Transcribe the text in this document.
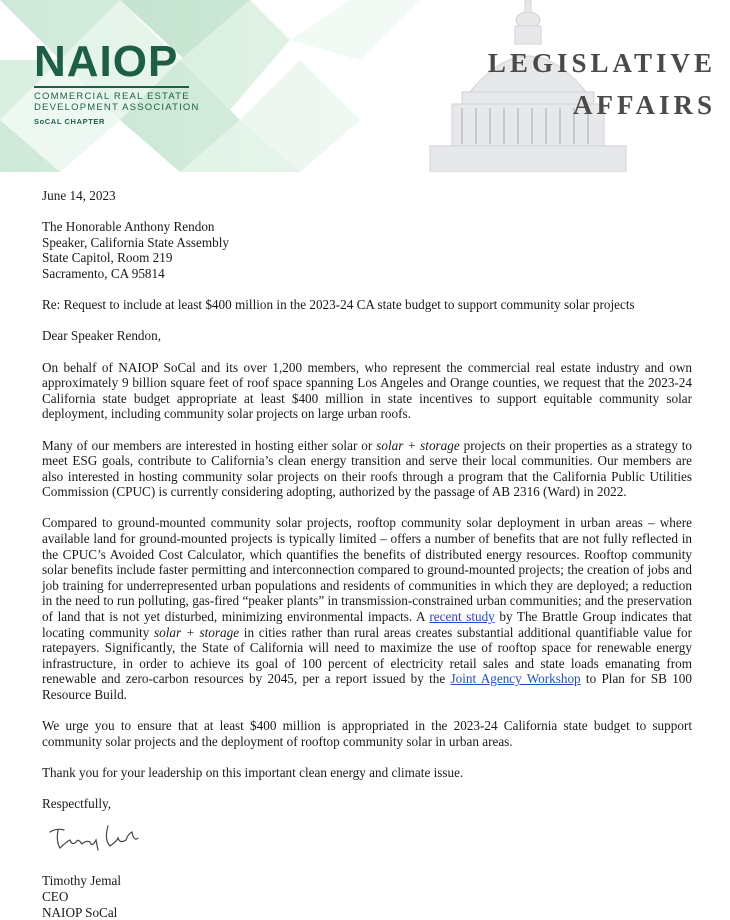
NAIOP
COMMERCIAL REAL ESTATE
DEVELOPMENT ASSOCIATION
SoCAL CHAPTER
LEGISLATIVE
AFFAIRS

June 14, 2023

The Honorable Anthony Rendon

Speaker, California State Assembly

State Capitol, Room 219

Sacramento, CA 95814

Re: Request to include at least $400 million in the 2023-24 CA state budget to support community solar projects

Dear Speaker Rendon,

On behalf of NAIOP SoCal and its over 1,200 members, who represent the commercial real estate industry and own approximately 9 billion square feet of roof space spanning Los Angeles and Orange counties, we request that the 2023-24 California state budget appropriate at least $400 million in state incentives to support equitable community solar deployment, including community solar projects on large urban roofs.

Many of our members are interested in hosting either solar or solar + storage projects on their properties as a strategy to meet ESG goals, contribute to California’s clean energy transition and serve their local communities. Our members are also interested in hosting community solar projects on their roofs through a program that the California Public Utilities Commission (CPUC) is currently considering adopting, authorized by the passage of AB 2316 (Ward) in 2022.

Compared to ground-mounted community solar projects, rooftop community solar deployment in urban areas – where available land for ground-mounted projects is typically limited – offers a number of benefits that are not fully reflected in the CPUC’s Avoided Cost Calculator, which quantifies the benefits of distributed energy resources. Rooftop community solar benefits include faster permitting and interconnection compared to ground-mounted projects; the creation of jobs and job training for underrepresented urban populations and residents of communities in which they are deployed; a reduction in the need to run polluting, gas-fired “peaker plants” in transmission-constrained urban communities; and the preservation of land that is not yet disturbed, minimizing environmental impacts. A recent study by The Brattle Group indicates that locating community solar + storage in cities rather than rural areas creates substantial additional quantifiable value for ratepayers. Significantly, the State of California will need to maximize the use of rooftop space for renewable energy infrastructure, in order to achieve its goal of 100 percent of electricity retail sales and state loads emanating from renewable and zero-carbon resources by 2045, per a report issued by the Joint Agency Workshop to Plan for SB 100 Resource Build.

We urge you to ensure that at least $400 million is appropriated in the 2023-24 California state budget to support community solar projects and the deployment of rooftop community solar in urban areas.

Thank you for your leadership on this important clean energy and climate issue.

Respectfully,

Timothy Jemal

CEO

NAIOP SoCal
